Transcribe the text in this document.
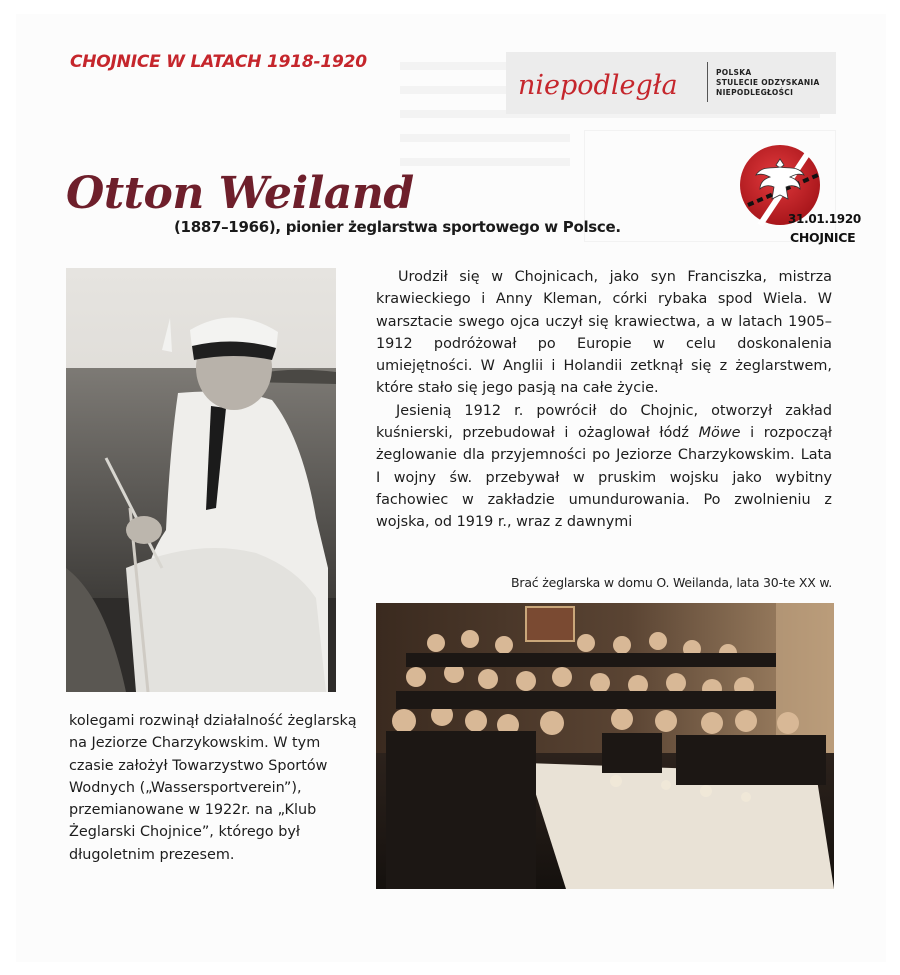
CHOJNICE W LATACH 1918-1920
niepodległa	POLSKA
STULECIE ODZYSKANIA
NIEPODLEGŁOŚCI
31.01.1920
CHOJNICE
Otton Weiland
(1887–1966), pionier żeglarstwa sportowego w Polsce.

Urodził się w Chojnicach, jako syn Franciszka, mistrza krawieckiego i Anny Kleman, córki rybaka spod Wiela. W warsztacie swego ojca uczył się krawiectwa, a w latach 1905–1912 podróżował po Europie w celu doskonalenia umiejętności. W Anglii i Holandii zetknął się z żeglarstwem, które stało się jego pasją na całe życie.

Jesienią 1912 r. powrócił do Chojnic, otworzył zakład kuśnierski, przebudował i ożaglował łódź Möwe i rozpoczął żeglowanie dla przyjemności po Jeziorze Charzykowskim. Lata I wojny św. przebywał w pruskim wojsku jako wybitny fachowiec w zakładzie umundurowania. Po zwolnieniu z wojska, od 1919 r., wraz z dawnymi

Brać żeglarska w domu O. Weilanda, lata 30-te XX w.
kolegami rozwinął działalność żeglarską na Jeziorze Charzykowskim. W tym czasie założył Towarzystwo Sportów Wodnych („Wassersportverein”), przemianowane w 1922r. na „Klub Żeglarski Chojnice”, którego był długoletnim prezesem.
